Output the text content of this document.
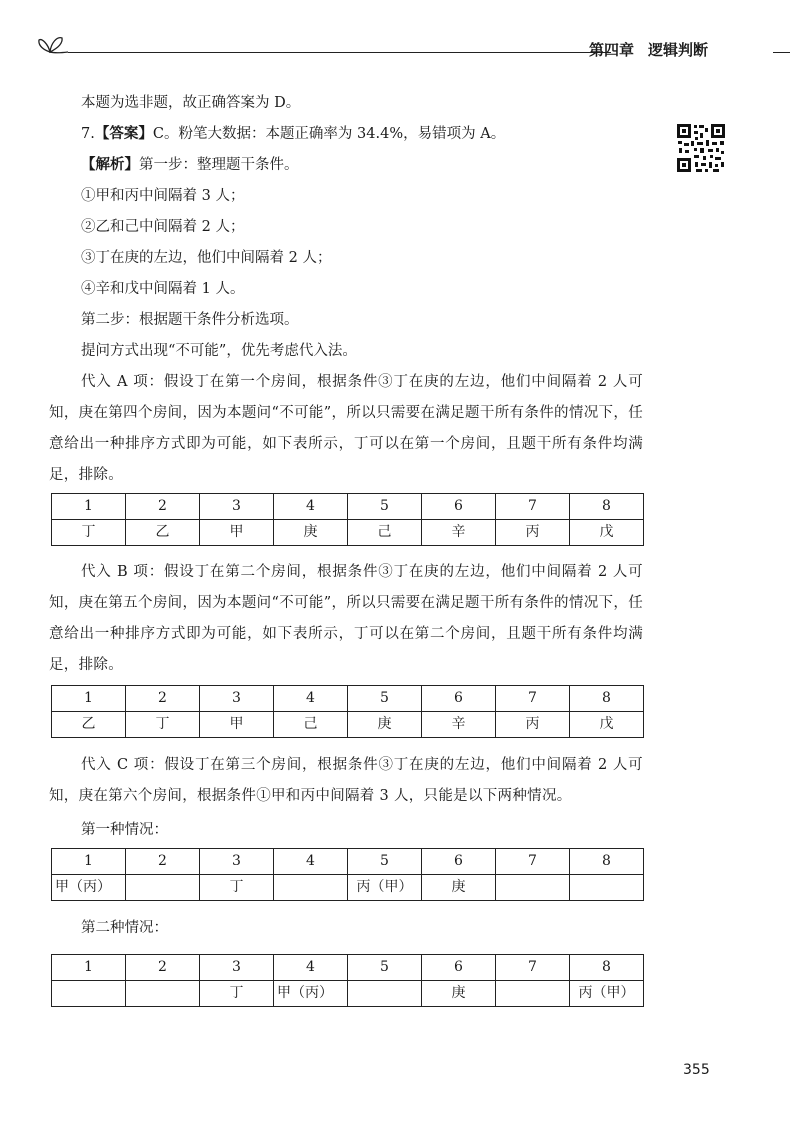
第四章 逻辑判断
本题为选非题，故正确答案为 D。
7.【答案】C。粉笔大数据：本题正确率为 34.4%，易错项为 A。
【解析】第一步：整理题干条件。
①甲和丙中间隔着 3 人；
②乙和己中间隔着 2 人；
③丁在庚的左边，他们中间隔着 2 人；
④辛和戊中间隔着 1 人。
第二步：根据题干条件分析选项。
提问方式出现“不可能”，优先考虑代入法。
代入 A 项：假设丁在第一个房间，根据条件③丁在庚的左边，他们中间隔着 2 人可知，庚在第四个房间，因为本题问“不可能”，所以只需要在满足题干所有条件的情况下，任意给出一种排序方式即为可能，如下表所示，丁可以在第一个房间，且题干所有条件均满足，排除。
1	2	3	4	5	6	7	8
丁	乙	甲	庚	己	辛	丙	戊
代入 B 项：假设丁在第二个房间，根据条件③丁在庚的左边，他们中间隔着 2 人可知，庚在第五个房间，因为本题问“不可能”，所以只需要在满足题干所有条件的情况下，任意给出一种排序方式即为可能，如下表所示，丁可以在第二个房间，且题干所有条件均满足，排除。
1	2	3	4	5	6	7	8
乙	丁	甲	己	庚	辛	丙	戊
代入 C 项：假设丁在第三个房间，根据条件③丁在庚的左边，他们中间隔着 2 人可知，庚在第六个房间，根据条件①甲和丙中间隔着 3 人，只能是以下两种情况。
第一种情况：
1	2	3	4	5	6	7	8
甲（丙）		丁		丙（甲）	庚		
第二种情况：
1	2	3	4	5	6	7	8
		丁	甲（丙）		庚		丙（甲）
355
